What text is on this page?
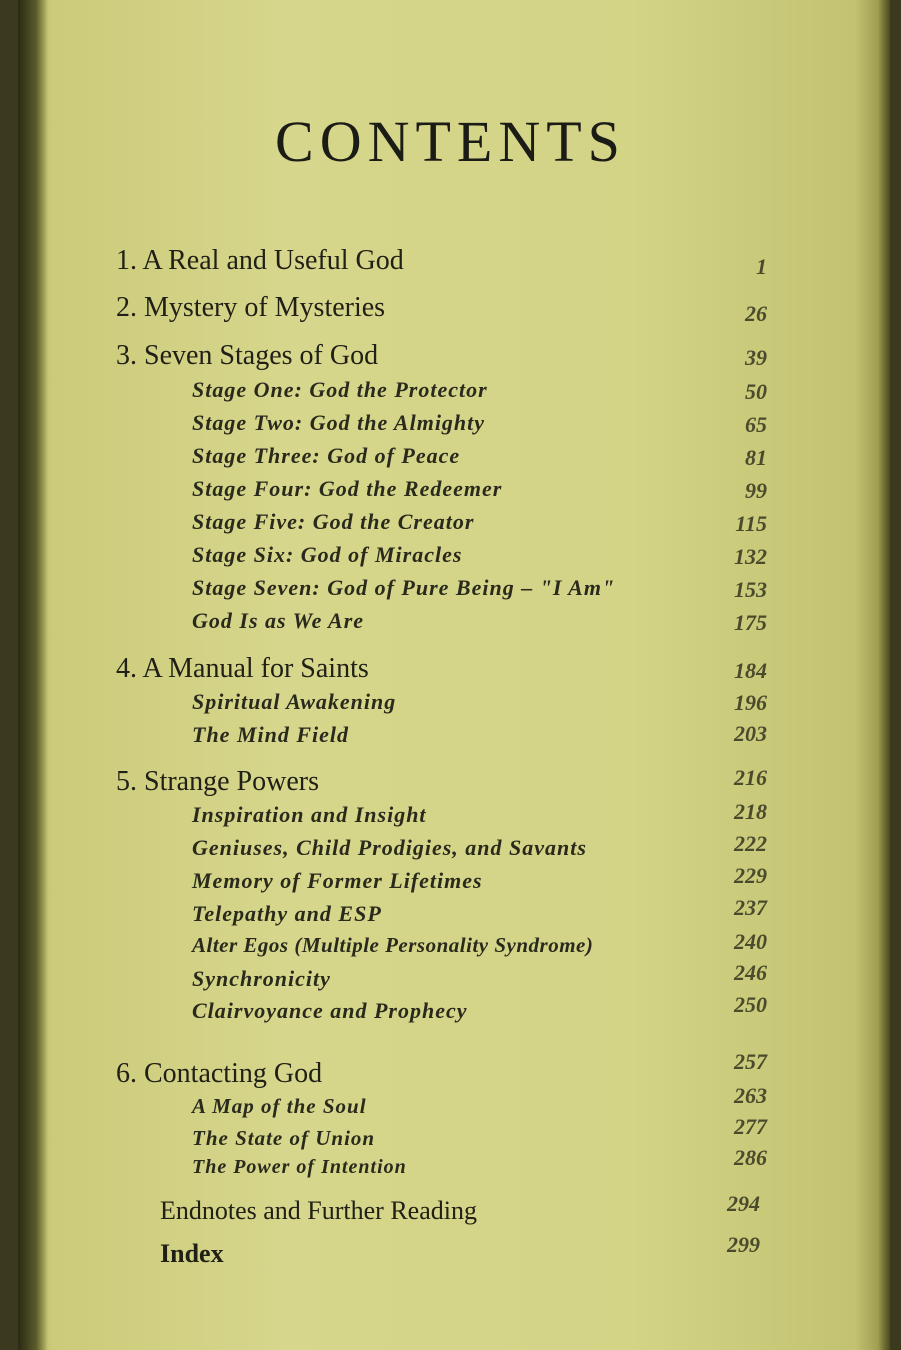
CONTENTS
1. A Real and Useful God	1
2. Mystery of Mysteries	26
3. Seven Stages of God	39
Stage One: God the Protector	50
Stage Two: God the Almighty	65
Stage Three: God of Peace	81
Stage Four: God the Redeemer	99
Stage Five: God the Creator	115
Stage Six: God of Miracles	132
Stage Seven: God of Pure Being – "I Am"	153
God Is as We Are	175
4. A Manual for Saints	184
Spiritual Awakening	196
The Mind Field	203
5. Strange Powers	216
Inspiration and Insight	218
Geniuses, Child Prodigies, and Savants	222
Memory of Former Lifetimes	229
Telepathy and ESP	237
Alter Egos (Multiple Personality Syndrome)	240
Synchronicity	246
Clairvoyance and Prophecy	250
6. Contacting God	257
A Map of the Soul	263
The State of Union	277
The Power of Intention	286
Endnotes and Further Reading	294
Index	299
